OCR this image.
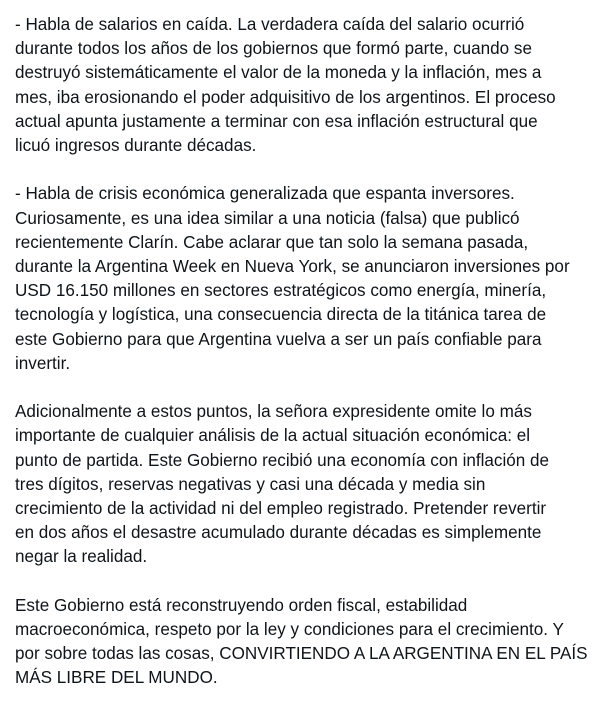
- Habla de salarios en caída. La verdadera caída del salario ocurrió
durante todos los años de los gobiernos que formó parte, cuando se
destruyó sistemáticamente el valor de la moneda y la inflación, mes a
mes, iba erosionando el poder adquisitivo de los argentinos. El proceso
actual apunta justamente a terminar con esa inflación estructural que
licuó ingresos durante décadas.

- Habla de crisis económica generalizada que espanta inversores.
Curiosamente, es una idea similar a una noticia (falsa) que publicó
recientemente Clarín. Cabe aclarar que tan solo la semana pasada,
durante la Argentina Week en Nueva York, se anunciaron inversiones por
USD 16.150 millones en sectores estratégicos como energía, minería,
tecnología y logística, una consecuencia directa de la titánica tarea de
este Gobierno para que Argentina vuelva a ser un país confiable para
invertir.

Adicionalmente a estos puntos, la señora expresidente omite lo más
importante de cualquier análisis de la actual situación económica: el
punto de partida. Este Gobierno recibió una economía con inflación de
tres dígitos, reservas negativas y casi una década y media sin
crecimiento de la actividad ni del empleo registrado. Pretender revertir
en dos años el desastre acumulado durante décadas es simplemente
negar la realidad.

Este Gobierno está reconstruyendo orden fiscal, estabilidad
macroeconómica, respeto por la ley y condiciones para el crecimiento. Y
por sobre todas las cosas, CONVIRTIENDO A LA ARGENTINA EN EL PAÍS
MÁS LIBRE DEL MUNDO.
